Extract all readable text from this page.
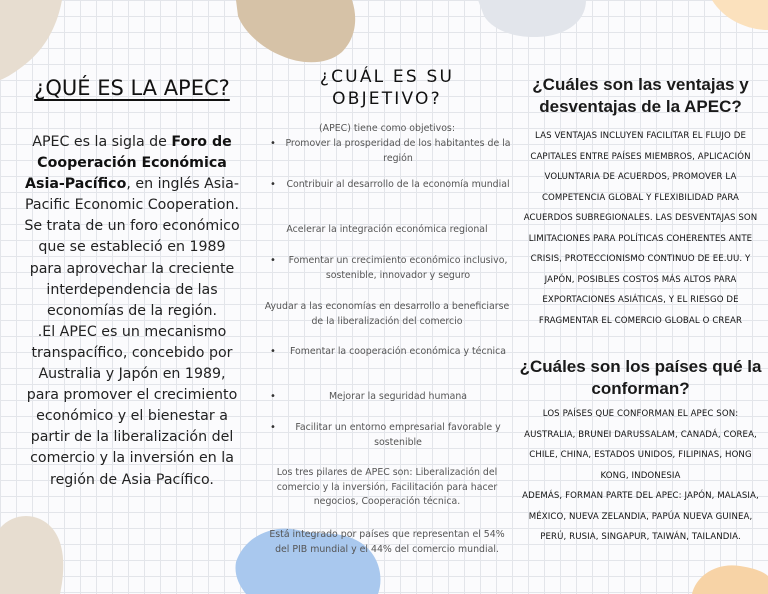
¿QUÉ ES LA APEC?
APEC es la sigla de Foro de Cooperación Económica Asia-Pacífico, en inglés Asia-Pacific Economic Cooperation. Se trata de un foro económico que se estableció en 1989 para aprovechar la creciente interdependencia de las economías de la región.
.El APEC es un mecanismo transpacífico, concebido por Australia y Japón en 1989, para promover el crecimiento económico y el bienestar a partir de la liberalización del comercio y la inversión en la región de Asia Pacífico.
¿CUÁL ES SU OBJETIVO?
(APEC) tiene como objetivos:
•	Promover la prosperidad de los habitantes de la región
•	Contribuir al desarrollo de la economía mundial
Acelerar la integración económica regional
•	Fomentar un crecimiento económico inclusivo, sostenible, innovador y seguro
Ayudar a las economías en desarrollo a beneficiarse de la liberalización del comercio
•	Fomentar la cooperación económica y técnica
•	Mejorar la seguridad humana
•	Facilitar un entorno empresarial favorable y sostenible
Los tres pilares de APEC son: Liberalización del comercio y la inversión, Facilitación para hacer negocios, Cooperación técnica.
Está integrado por países que representan el 54% del PIB mundial y el 44% del comercio mundial.
¿Cuáles son las ventajas y desventajas de la APEC?
LAS VENTAJAS INCLUYEN FACILITAR EL FLUJO DE CAPITALES ENTRE PAÍSES MIEMBROS, APLICACIÓN VOLUNTARIA DE ACUERDOS, PROMOVER LA COMPETENCIA GLOBAL Y FLEXIBILIDAD PARA ACUERDOS SUBREGIONALES. LAS DESVENTAJAS SON LIMITACIONES PARA POLÍTICAS COHERENTES ANTE CRISIS, PROTECCIONISMO CONTINUO DE EE.UU. Y JAPÓN, POSIBLES COSTOS MÁS ALTOS PARA EXPORTACIONES ASIÁTICAS, Y EL RIESGO DE FRAGMENTAR EL COMERCIO GLOBAL O CREAR
¿Cuáles son los países qué la conforman?
LOS PAÍSES QUE CONFORMAN EL APEC SON: AUSTRALIA, BRUNEI DARUSSALAM, CANADÁ, COREA, CHILE, CHINA, ESTADOS UNIDOS, FILIPINAS, HONG KONG, INDONESIA
ADEMÁS, FORMAN PARTE DEL APEC: JAPÓN, MALASIA, MÉXICO, NUEVA ZELANDIA, PAPÚA NUEVA GUINEA, PERÚ, RUSIA, SINGAPUR, TAIWÁN, TAILANDIA.
